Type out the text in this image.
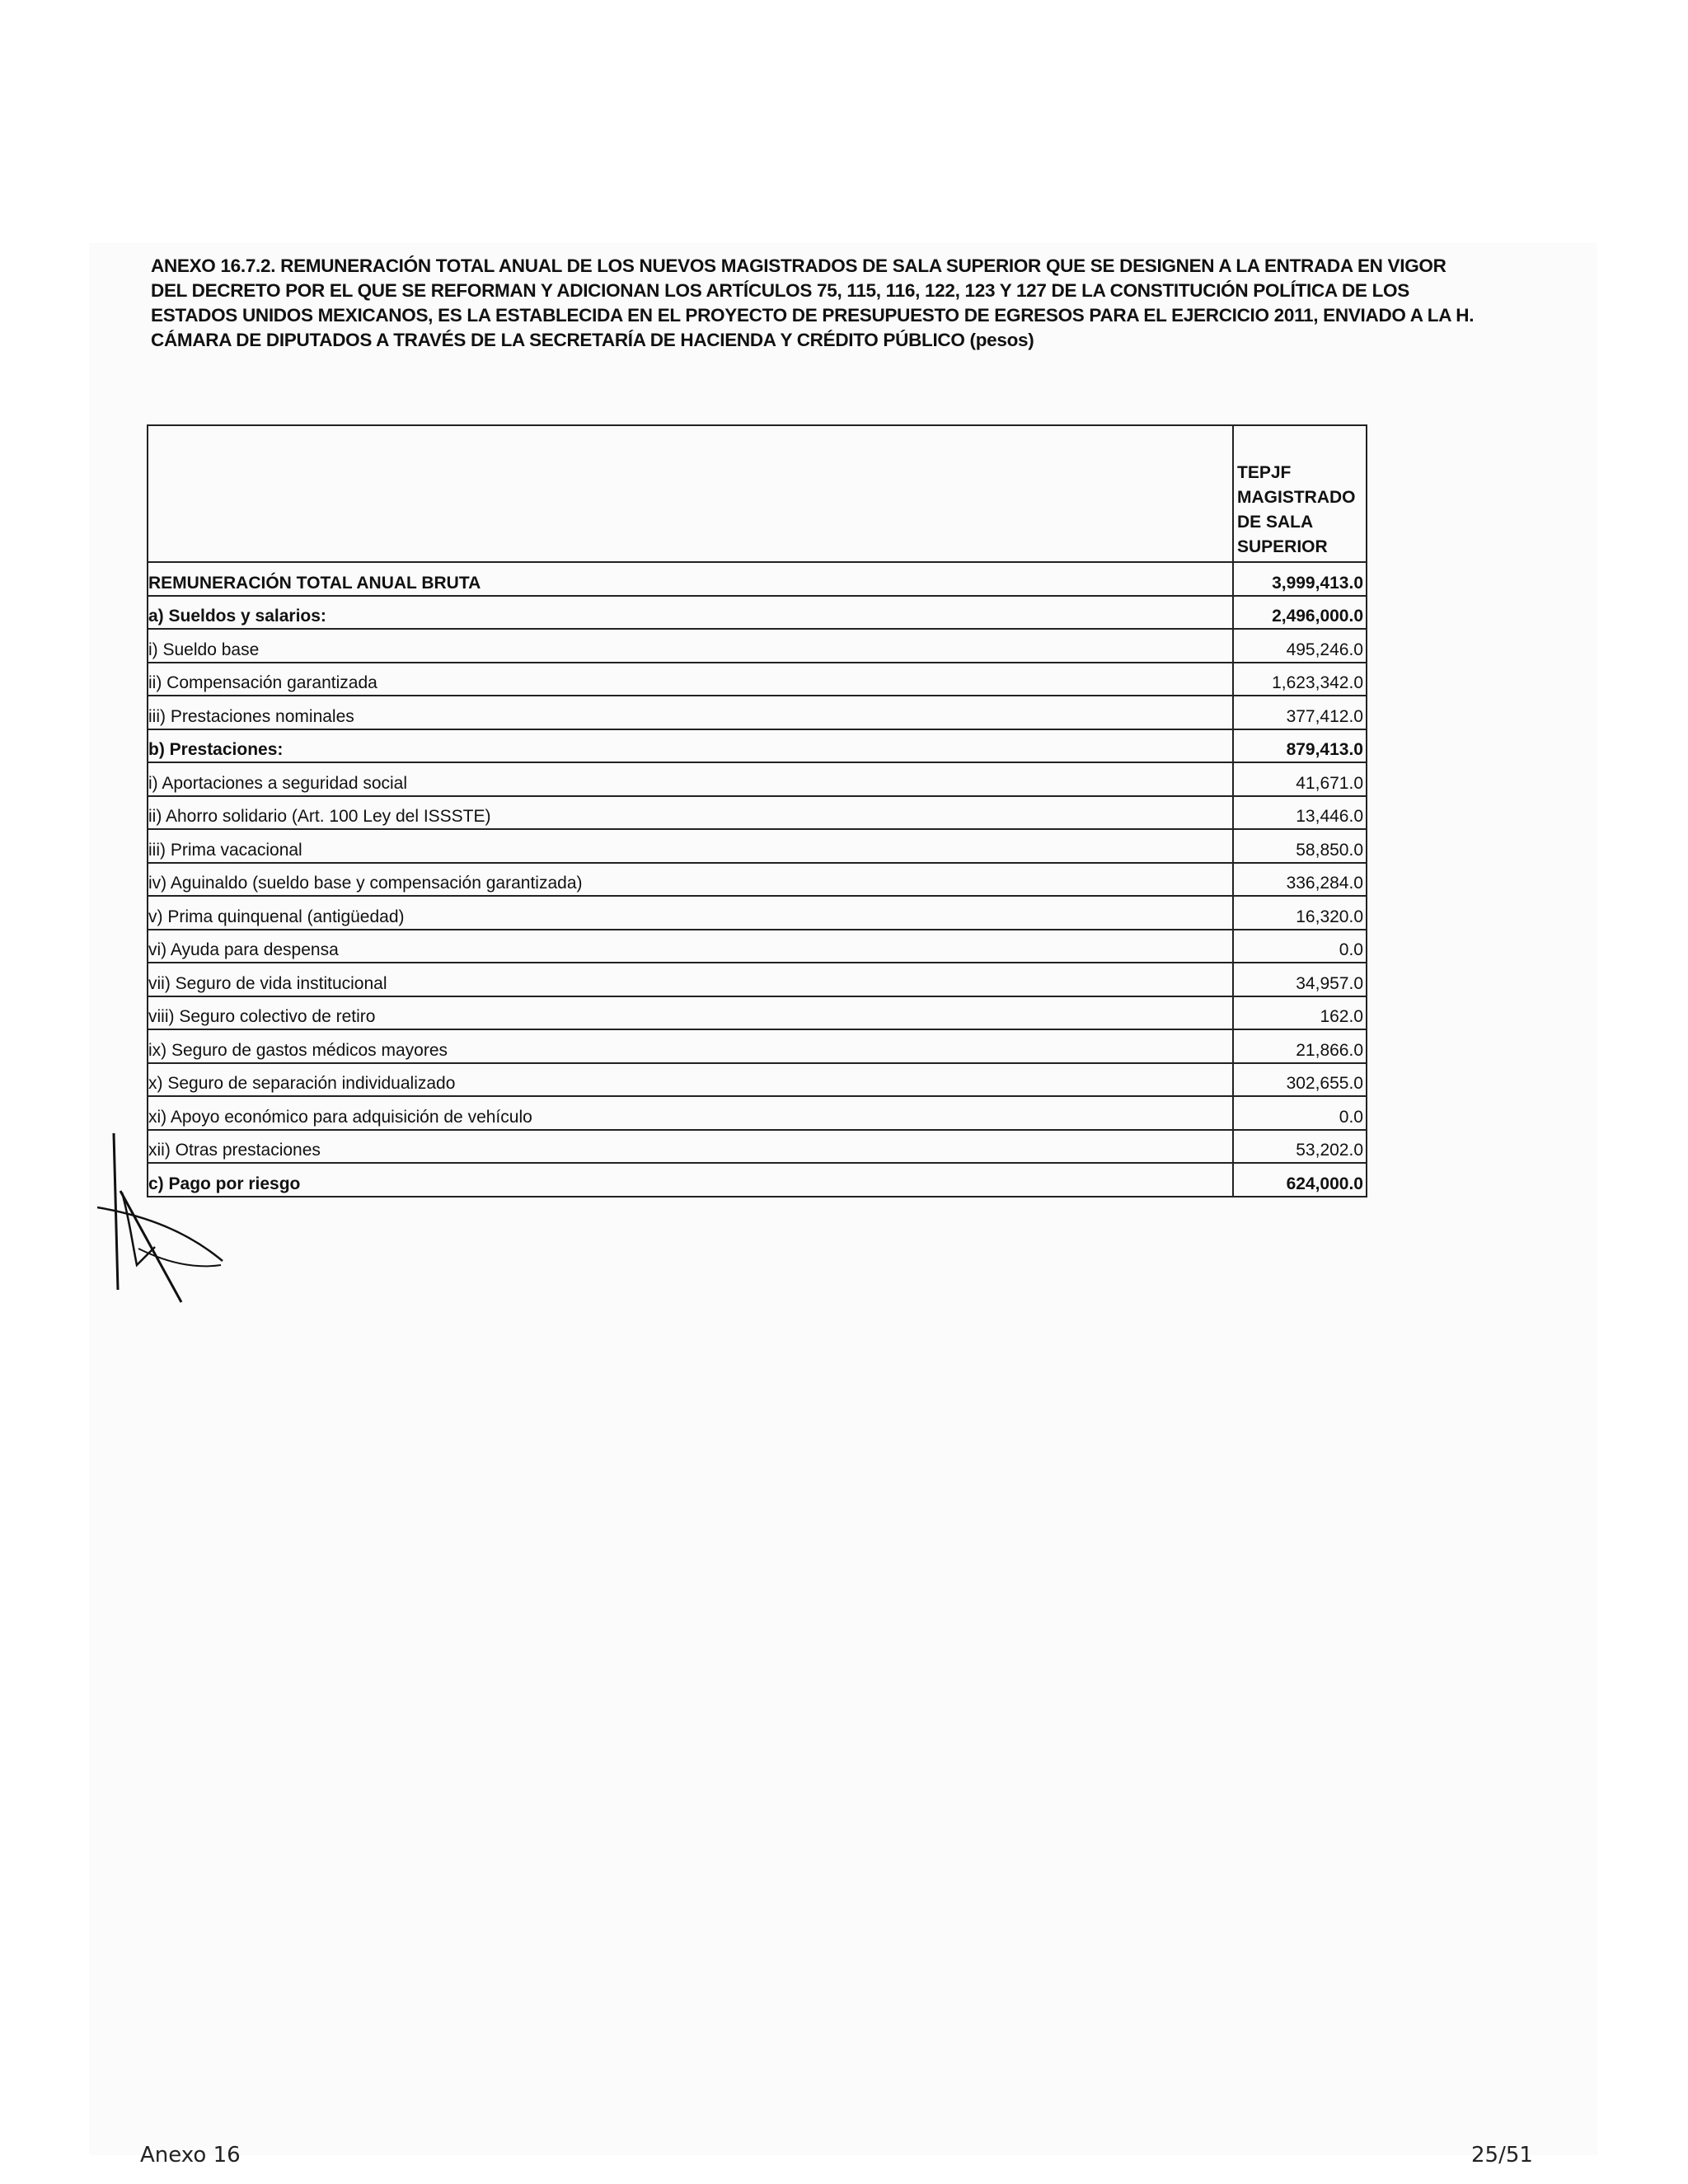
ANEXO 16.7.2. REMUNERACIÓN TOTAL ANUAL DE LOS NUEVOS MAGISTRADOS DE SALA SUPERIOR QUE SE DESIGNEN A LA ENTRADA EN VIGOR
DEL DECRETO POR EL QUE SE REFORMAN Y ADICIONAN LOS ARTÍCULOS 75, 115, 116, 122, 123 Y 127 DE LA CONSTITUCIÓN POLÍTICA DE LOS
ESTADOS UNIDOS MEXICANOS, ES LA ESTABLECIDA EN EL PROYECTO DE PRESUPUESTO DE EGRESOS PARA EL EJERCICIO 2011, ENVIADO A LA H.
CÁMARA DE DIPUTADOS A TRAVÉS DE LA SECRETARÍA DE HACIENDA Y CRÉDITO PÚBLICO (pesos)

	TEPJF
MAGISTRADO
DE SALA
SUPERIOR

REMUNERACIÓN TOTAL ANUAL BRUTA	3,999,413.0
a) Sueldos y salarios:	2,496,000.0
i) Sueldo base	495,246.0
ii) Compensación garantizada	1,623,342.0
iii) Prestaciones nominales	377,412.0
b) Prestaciones:	879,413.0
i) Aportaciones a seguridad social	41,671.0
ii) Ahorro solidario (Art. 100 Ley del ISSSTE)	13,446.0
iii) Prima vacacional	58,850.0
iv) Aguinaldo (sueldo base y compensación garantizada)	336,284.0
v) Prima quinquenal (antigüedad)	16,320.0
vi) Ayuda para despensa	0.0
vii) Seguro de vida institucional	34,957.0
viii) Seguro colectivo de retiro	162.0
ix) Seguro de gastos médicos mayores	21,866.0
x) Seguro de separación individualizado	302,655.0
xi) Apoyo económico para adquisición de vehículo	0.0
xii) Otras prestaciones	53,202.0
c) Pago por riesgo	624,000.0
Anexo 16	25/51
